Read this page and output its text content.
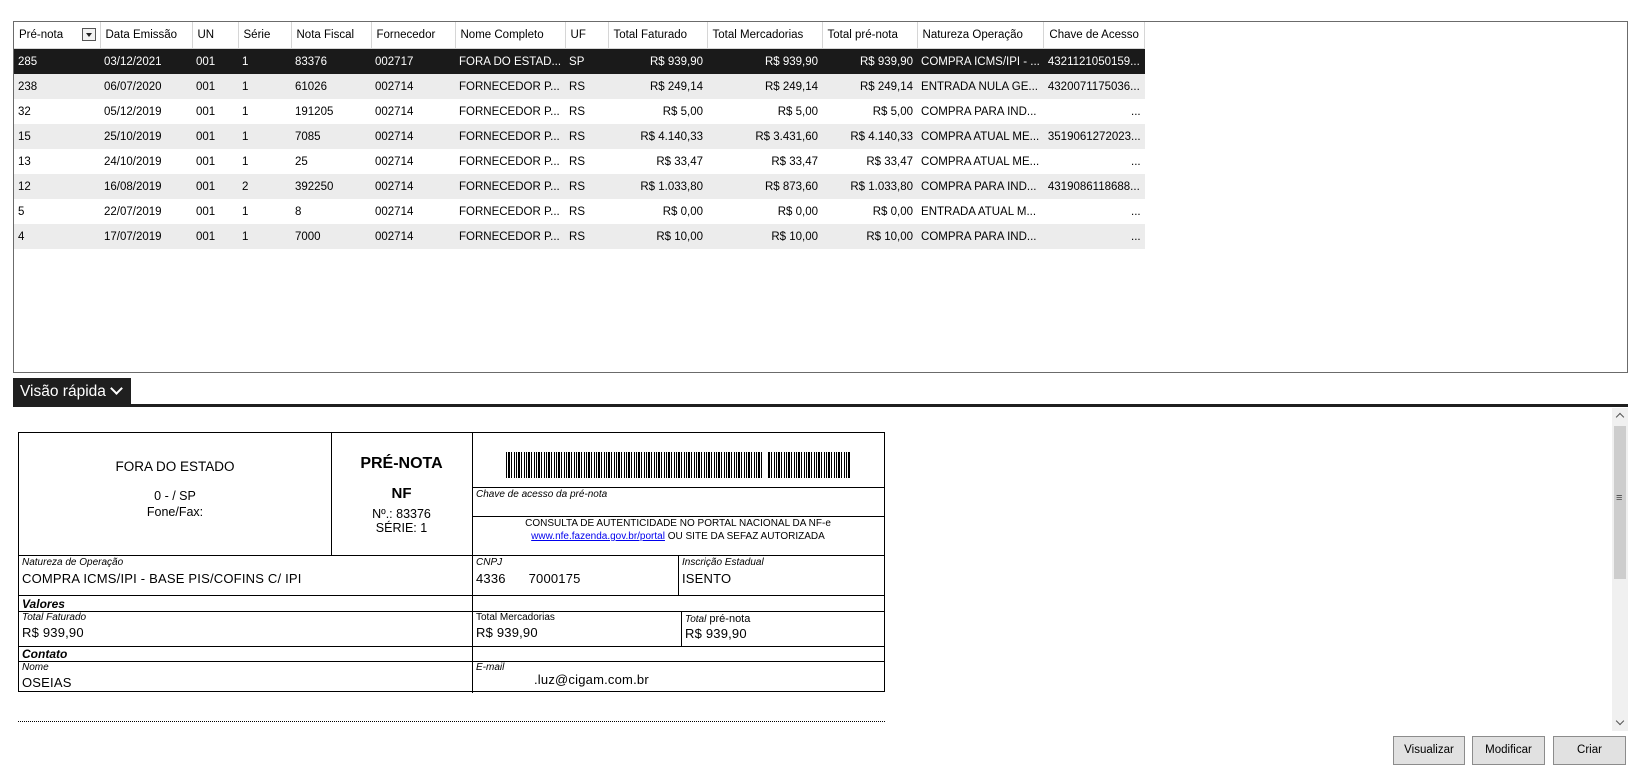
Pré-nota	Data Emissão	UN	Série	Nota Fiscal	Fornecedor	Nome Completo	UF	Total Faturado	Total Mercadorias	Total pré-nota	Natureza Operação	Chave de Acesso
285	03/12/2021	001	1	83376	002717	FORA DO ESTAD...	SP	R$ 939,90	R$ 939,90	R$ 939,90	COMPRA ICMS/IPI - ...	4321121050159...
238	06/07/2020	001	1	61026	002714	FORNECEDOR P...	RS	R$ 249,14	R$ 249,14	R$ 249,14	ENTRADA NULA GE...	4320071175036...
32	05/12/2019	001	1	191205	002714	FORNECEDOR P...	RS	R$ 5,00	R$ 5,00	R$ 5,00	COMPRA PARA IND...	...
15	25/10/2019	001	1	7085	002714	FORNECEDOR P...	RS	R$ 4.140,33	R$ 3.431,60	R$ 4.140,33	COMPRA ATUAL ME...	3519061272023...
13	24/10/2019	001	1	25	002714	FORNECEDOR P...	RS	R$ 33,47	R$ 33,47	R$ 33,47	COMPRA ATUAL ME...	...
12	16/08/2019	001	2	392250	002714	FORNECEDOR P...	RS	R$ 1.033,80	R$ 873,60	R$ 1.033,80	COMPRA PARA IND...	4319086118688...
5	22/07/2019	001	1	8	002714	FORNECEDOR P...	RS	R$ 0,00	R$ 0,00	R$ 0,00	ENTRADA ATUAL M...	...
4	17/07/2019	001	1	7000	002714	FORNECEDOR P...	RS	R$ 10,00	R$ 10,00	R$ 10,00	COMPRA PARA IND...	...
Visão rápida
≡
FORA DO ESTADO
0 - / SP
Fone/Fax:
PRÉ-NOTA
NF
Nº.: 83376
SÉRIE: 1
Chave de acesso da pré-nota
CONSULTA DE AUTENTICIDADE NO PORTAL NACIONAL DA NF-e
www.nfe.fazenda.gov.br/portal OU SITE DA SEFAZ AUTORIZADA
Natureza de Operação
COMPRA ICMS/IPI - BASE PIS/COFINS C/ IPI
CNPJ
4336      7000175
Inscrição Estadual
ISENTO
Valores
Total Faturado
R$ 939,90
Total Mercadorias
R$ 939,90
Total pré-nota
R$ 939,90
Contato
Nome
OSEIAS
E-mail
.luz@cigam.com.br
Visualizar	Modificar	Criar
